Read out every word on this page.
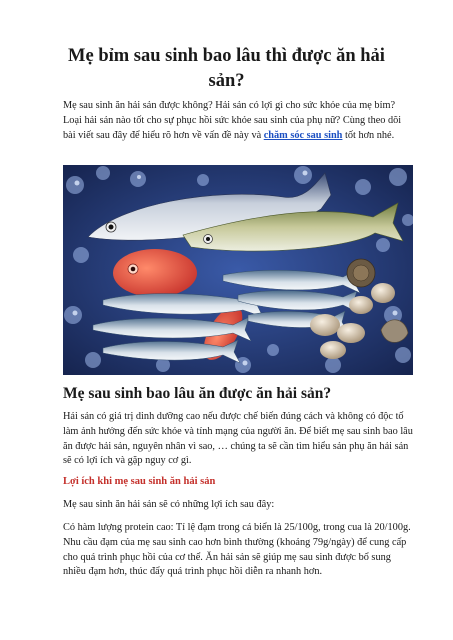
Mẹ bỉm sau sinh bao lâu thì được ăn hải sản?

Mẹ sau sinh ăn hải sản được không? Hải sản có lợi gì cho sức khỏe của mẹ bỉm? Loại hải sản nào tốt cho sự phục hồi sức khỏe sau sinh của phụ nữ? Cùng theo dõi bài viết sau đây để hiểu rõ hơn về vấn đề này và chăm sóc sau sinh tốt hơn nhé.

Mẹ sau sinh bao lâu ăn được ăn hải sản?

Hải sản có giá trị dinh dưỡng cao nếu được chế biến đúng cách và không có độc tố làm ảnh hưởng đến sức khỏe và tính mạng của người ăn. Để biết mẹ sau sinh bao lâu ăn được hải sản, nguyên nhân vì sao, … chúng ta sẽ cần tìm hiểu sản phụ ăn hải sản sẽ có lợi ích và gặp nguy cơ gì.

Lợi ích khi mẹ sau sinh ăn hải sản

Mẹ sau sinh ăn hải sản sẽ có những lợi ích sau đây:

Có hàm lượng protein cao: Tỉ lệ đạm trong cá biển là 25/100g, trong cua là 20/100g. Nhu cầu đạm của mẹ sau sinh cao hơn bình thường (khoảng 79g/ngày) để cung cấp cho quá trình phục hồi của cơ thể. Ăn hải sản sẽ giúp mẹ sau sinh được bổ sung nhiều đạm hơn, thúc đẩy quá trình phục hồi diễn ra nhanh hơn.
